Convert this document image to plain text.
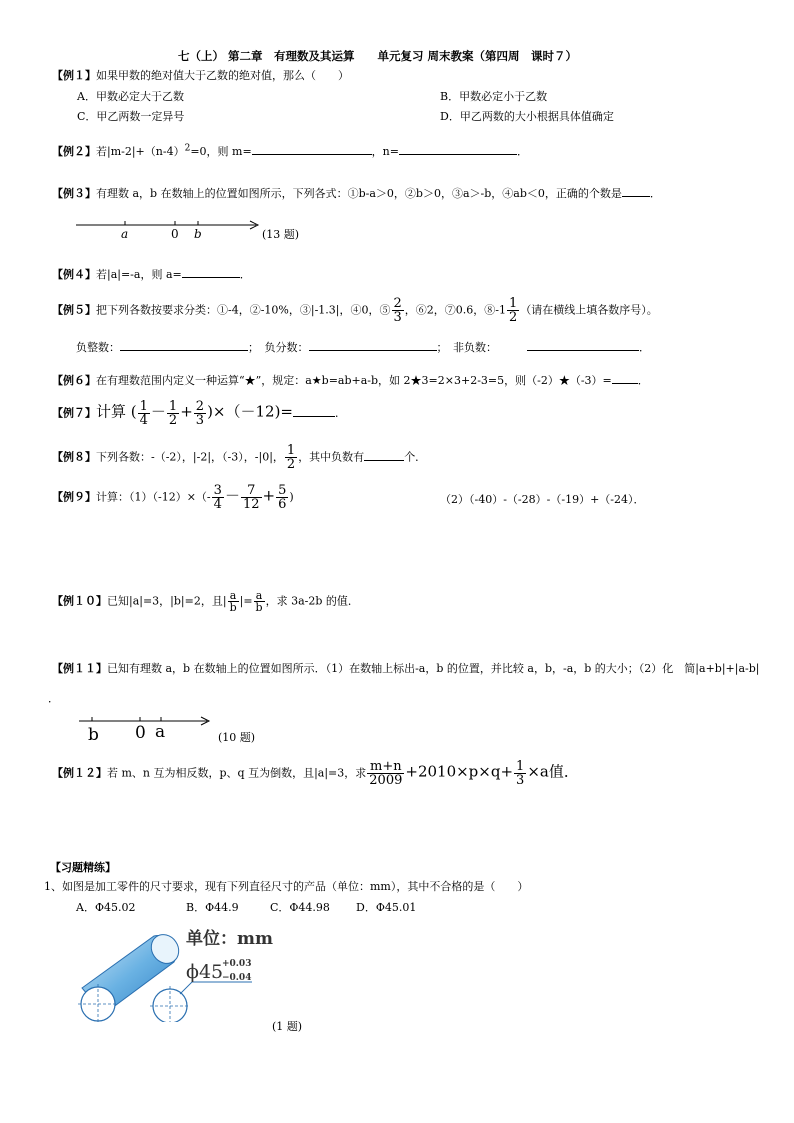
七（上） 第二章　有理数及其运算　　单元复习 周末教案（第四周　课时７）
【例１】如果甲数的绝对值大于乙数的绝对值，那么（　　）
A．甲数必定大于乙数	B．甲数必定小于乙数
C．甲乙两数一定异号	D．甲乙两数的大小根据具体值确定
【例２】若$|m-2|+(n-4)^2=0$，则 m=	，n=	．
【例３】有理数 a，b 在数轴上的位置如图所示，下列各式：①b-a＞0，②b＞0，③a＞-b，④ab＜0，正确的个数是	．
a	0 b	(13 题)
【例４】若|a|=-a，则 a=	．
【例５】把下列各数按要求分类：①-4，②-10%，③|-1.3|，④0，⑤ $\frac{2}{3}$ ，⑥2，⑦0.6，⑧-1 $\frac{1}{2}$ （请在横线上填各数序号）。
负整数：	；　负分数：	；　非负数：	．
【例６】在有理数范围内定义一种运算“★”，规定：a★b=ab+a-b，如 2★3=2×3+2-3=5，则（-2）★（-3）= ．
【例７】计算 ( $\frac{1}{4} - \frac{1}{2} + \frac{2}{3} )\times(-12)=$	．
【例８】下列各数：-（-2），|-2|，（-3），-|0|， $\frac{1}{2}$ ，其中负数有	个．
【例９】计算：$(1)(-12)\times(- \frac{3}{4} - \frac{7}{12} + \frac{5}{6}$ )	（2）（-40）-（-28）-（-19）+（-24）．
【例１０】已知|a|=3，|b|=2，且| $\frac{a}{b}$ |= $\frac{a}{b}$ ，求 3a-2b 的值．
【例１１】已知有理数 a，b 在数轴上的位置如图所示．（1）在数轴上标出-a，b 的位置，并比较 a，b，-a，b 的大小；（2）化　简|a+b|+|a-b|
．
b 0 a	(10 题)
【例１２】若 m、n 互为相反数，p、q 互为倒数，且|a|=3，求 $\frac{m+n}{2009} +2010\times p\times q+ \frac{1}{3} \times a$值．
【习题精练】
1、如图是加工零件的尺寸要求，现有下列直径尺寸的产品（单位：mm），其中不合格的是（　　）
A．Φ45.02	B．Φ44.9	C．Φ44.98 D．Φ45.01
单位：mm
ϕ45
+0.03
−0.04
(1 题)
